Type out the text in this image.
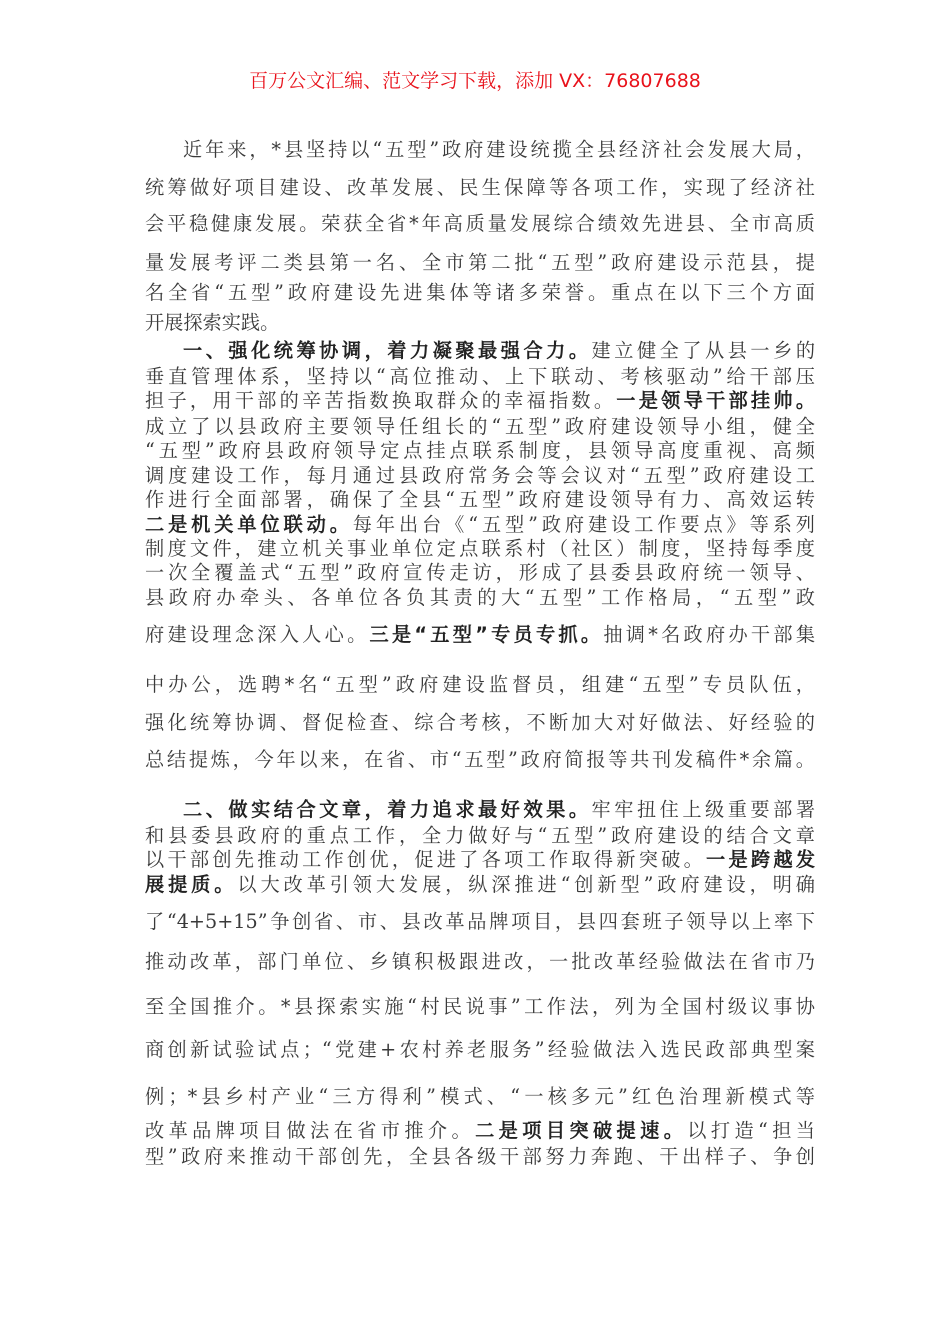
百万公文汇编、范文学习下载，添加 VX：76807688
近年来，*县坚持以“五型”政府建设统揽全县经济社会发展大局，
统筹做好项目建设、改革发展、民生保障等各项工作，实现了经济社
会平稳健康发展。荣获全省*年高质量发展综合绩效先进县、全市高质
量发展考评二类县第一名、全市第二批“五型”政府建设示范县，提
名全省“五型”政府建设先进集体等诸多荣誉。重点在以下三个方面
开展探索实践。
一、强化统筹协调，着力凝聚最强合力。建立健全了从县一乡的
垂直管理体系，坚持以“高位推动、上下联动、考核驱动”给干部压
担子，用干部的辛苦指数换取群众的幸福指数。一是领导干部挂帅。
成立了以县政府主要领导任组长的“五型”政府建设领导小组，健全
“五型”政府县政府领导定点挂点联系制度，县领导高度重视、高频
调度建设工作，每月通过县政府常务会等会议对“五型”政府建设工
作进行全面部署，确保了全县“五型”政府建设领导有力、高效运转
二是机关单位联动。每年出台《“五型”政府建设工作要点》等系列
制度文件，建立机关事业单位定点联系村（社区）制度，坚持每季度
一次全覆盖式“五型”政府宣传走访，形成了县委县政府统一领导、
县政府办牵头、各单位各负其责的大“五型”工作格局，“五型”政
府建设理念深入人心。三是“五型”专员专抓。抽调*名政府办干部集
中办公，选聘*名“五型”政府建设监督员，组建“五型”专员队伍，
强化统筹协调、督促检查、综合考核，不断加大对好做法、好经验的
总结提炼，今年以来，在省、市“五型”政府简报等共刊发稿件*余篇。
二、做实结合文章，着力追求最好效果。牢牢扭住上级重要部署
和县委县政府的重点工作，全力做好与“五型”政府建设的结合文章
以干部创先推动工作创优，促进了各项工作取得新突破。一是跨越发
展提质。以大改革引领大发展，纵深推进“创新型”政府建设，明确
了“4+5+15”争创省、市、县改革品牌项目，县四套班子领导以上率下
推动改革，部门单位、乡镇积极跟进改，一批改革经验做法在省市乃
至全国推介。*县探索实施“村民说事”工作法，列为全国村级议事协
商创新试验试点；“党建+农村养老服务”经验做法入选民政部典型案
例；*县乡村产业“三方得利”模式、“一核多元”红色治理新模式等
改革品牌项目做法在省市推介。二是项目突破提速。以打造“担当
型”政府来推动干部创先，全县各级干部努力奔跑、干出样子、争创
